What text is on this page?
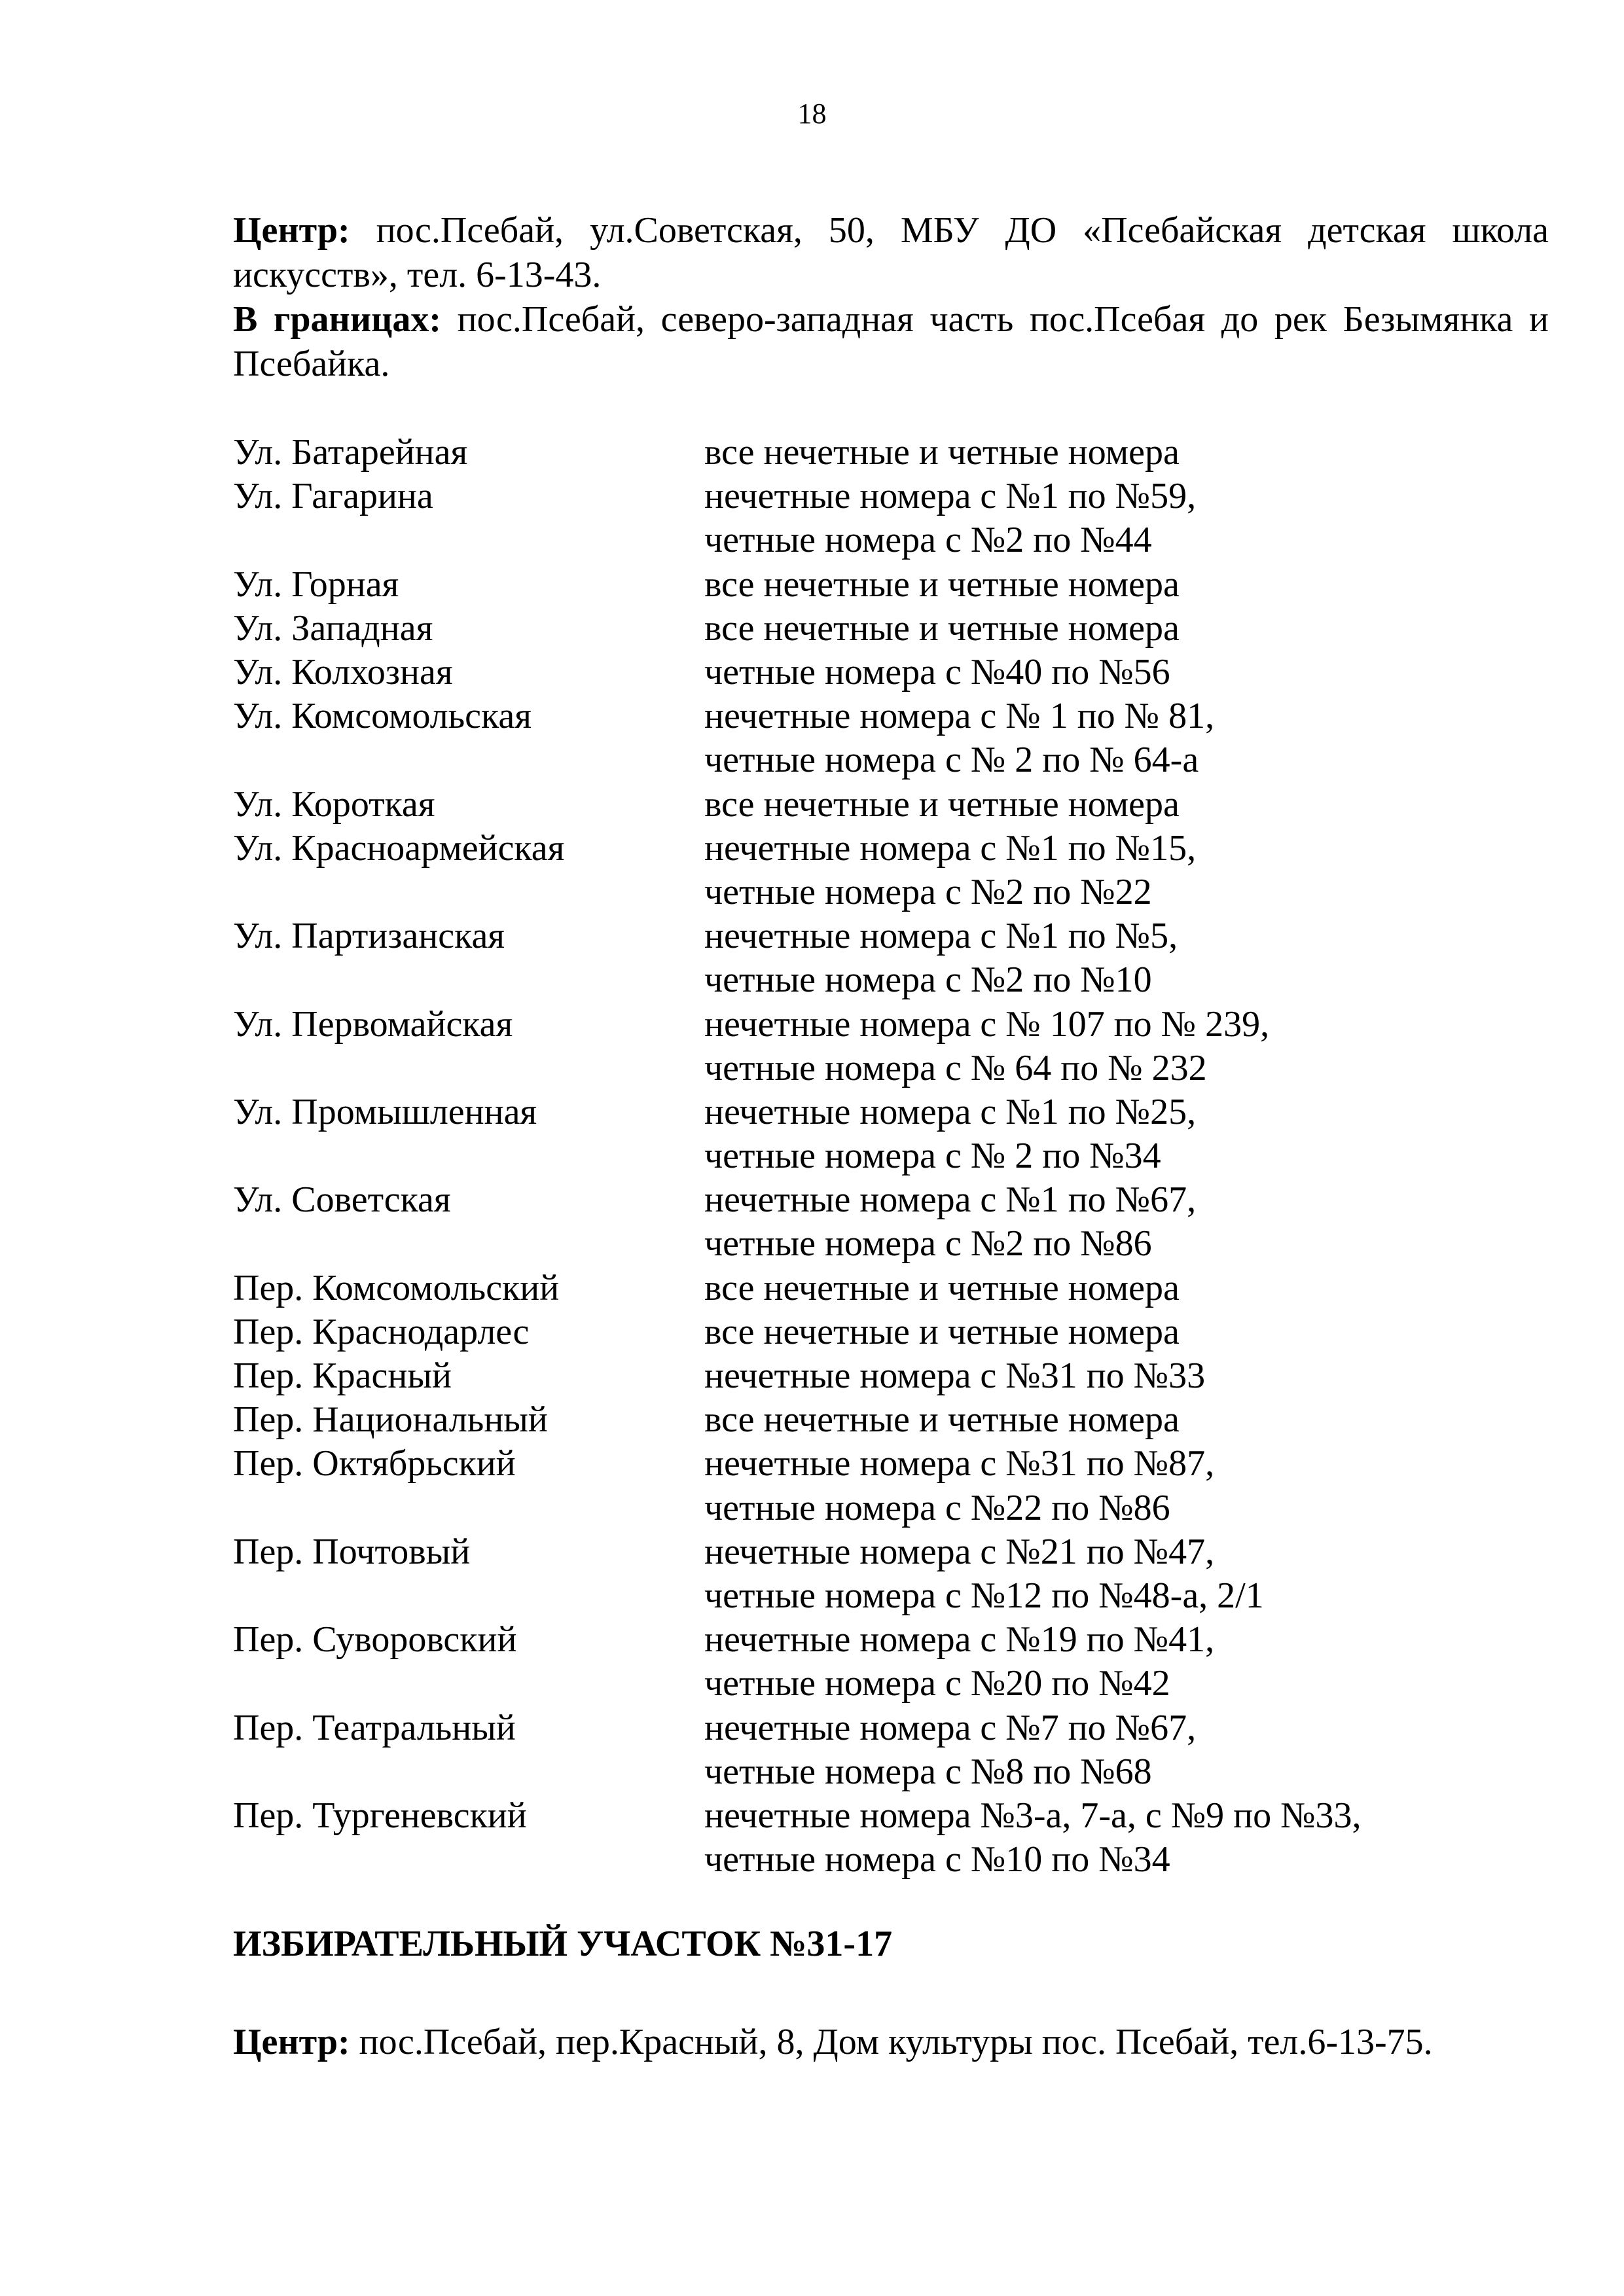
18
Центр: пос.Псебай, ул.Советская, 50, МБУ ДО «Псебайская детская школа искусств», тел. 6-13-43.
В границах: пос.Псебай, северо-западная часть пос.Псебая до рек Безымянка и Псебайка.
Ул. Батарейная	все нечетные и четные номера
Ул. Гагарина	нечетные номера с №1 по №59,
четные номера с №2 по №44
Ул. Горная	все нечетные и четные номера
Ул. Западная	все нечетные и четные номера
Ул. Колхозная	четные номера с №40 по №56
Ул. Комсомольская	нечетные номера с № 1 по № 81,
четные номера с № 2 по № 64-а
Ул. Короткая	все нечетные и четные номера
Ул. Красноармейская	нечетные номера с №1 по №15,
четные номера с №2 по №22
Ул. Партизанская	нечетные номера с №1 по №5,
четные номера с №2 по №10
Ул. Первомайская	нечетные номера с № 107 по № 239,
четные номера с № 64 по № 232
Ул. Промышленная	нечетные номера с №1 по №25,
четные номера с № 2 по №34
Ул. Советская	нечетные номера с №1 по №67,
четные номера с №2 по №86
Пер. Комсомольский	все нечетные и четные номера
Пер. Краснодарлес	все нечетные и четные номера
Пер. Красный	нечетные номера с №31 по №33
Пер. Национальный	все нечетные и четные номера
Пер. Октябрьский	нечетные номера с №31 по №87,
четные номера с №22 по №86
Пер. Почтовый	нечетные номера с №21 по №47,
четные номера с №12 по №48-а, 2/1
Пер. Суворовский	нечетные номера с №19 по №41,
четные номера с №20 по №42
Пер. Театральный	нечетные номера с №7 по №67,
четные номера с №8 по №68
Пер. Тургеневский	нечетные номера №3-а, 7-а, с №9 по №33,
четные номера с №10 по №34
ИЗБИРАТЕЛЬНЫЙ УЧАСТОК №31-17
Центр: пос.Псебай, пер.Красный, 8, Дом культуры пос. Псебай, тел.6-13-75.
